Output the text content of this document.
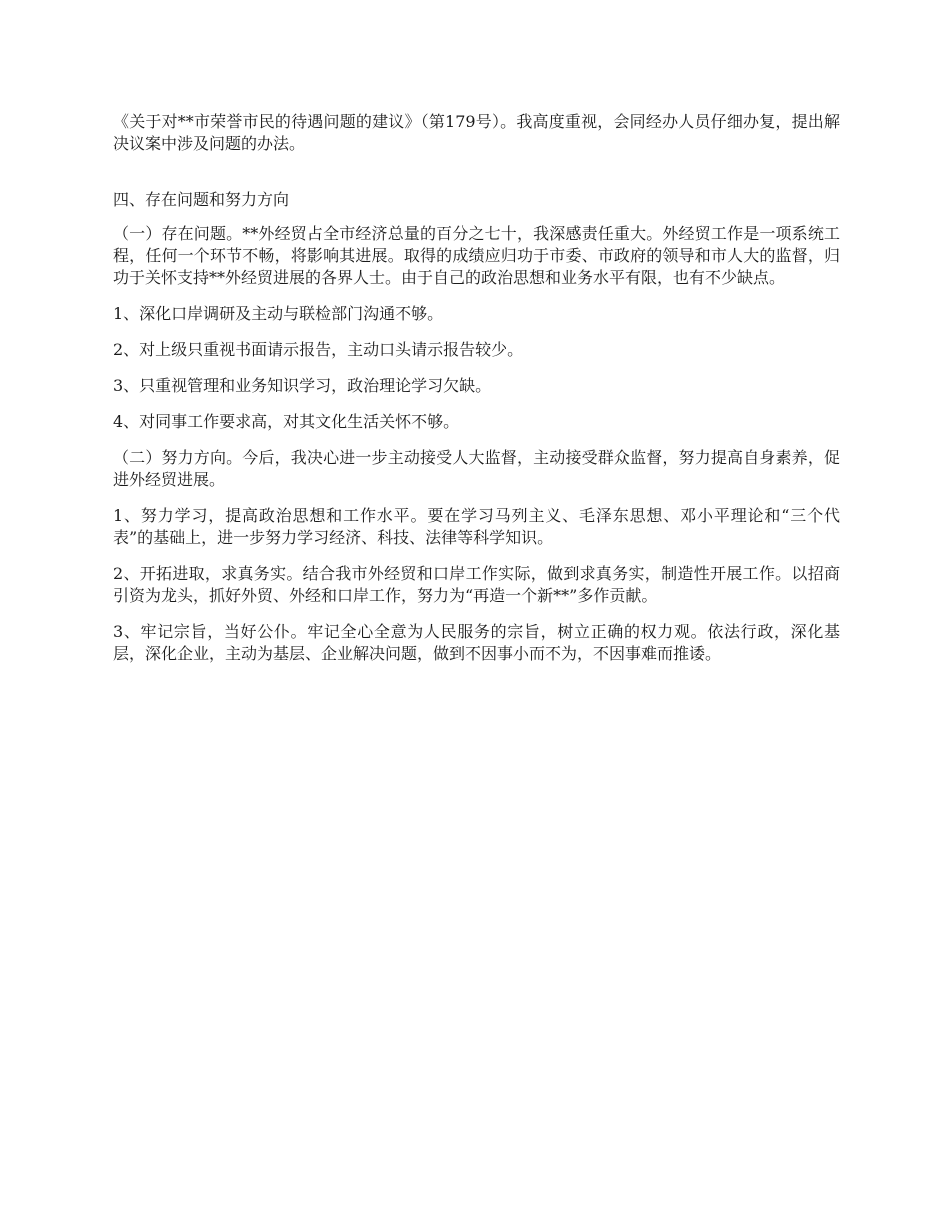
《关于对**市荣誉市民的待遇问题的建议》（第179号）。我高度重视，会同经办人员仔细办复，提出解决议案中涉及问题的办法。

四、存在问题和努力方向

（一）存在问题。**外经贸占全市经济总量的百分之七十，我深感责任重大。外经贸工作是一项系统工程，任何一个环节不畅，将影响其进展。取得的成绩应归功于市委、市政府的领导和市人大的监督，归功于关怀支持**外经贸进展的各界人士。由于自己的政治思想和业务水平有限，也有不少缺点。

1、深化口岸调研及主动与联检部门沟通不够。

2、对上级只重视书面请示报告，主动口头请示报告较少。

3、只重视管理和业务知识学习，政治理论学习欠缺。

4、对同事工作要求高，对其文化生活关怀不够。

（二）努力方向。今后，我决心进一步主动接受人大监督，主动接受群众监督，努力提高自身素养，促进外经贸进展。

1、努力学习，提高政治思想和工作水平。要在学习马列主义、毛泽东思想、邓小平理论和“三个代表”的基础上，进一步努力学习经济、科技、法律等科学知识。

2、开拓进取，求真务实。结合我市外经贸和口岸工作实际，做到求真务实，制造性开展工作。以招商引资为龙头，抓好外贸、外经和口岸工作，努力为“再造一个新**”多作贡献。

3、牢记宗旨，当好公仆。牢记全心全意为人民服务的宗旨，树立正确的权力观。依法行政，深化基层，深化企业，主动为基层、企业解决问题，做到不因事小而不为，不因事难而推诿。
